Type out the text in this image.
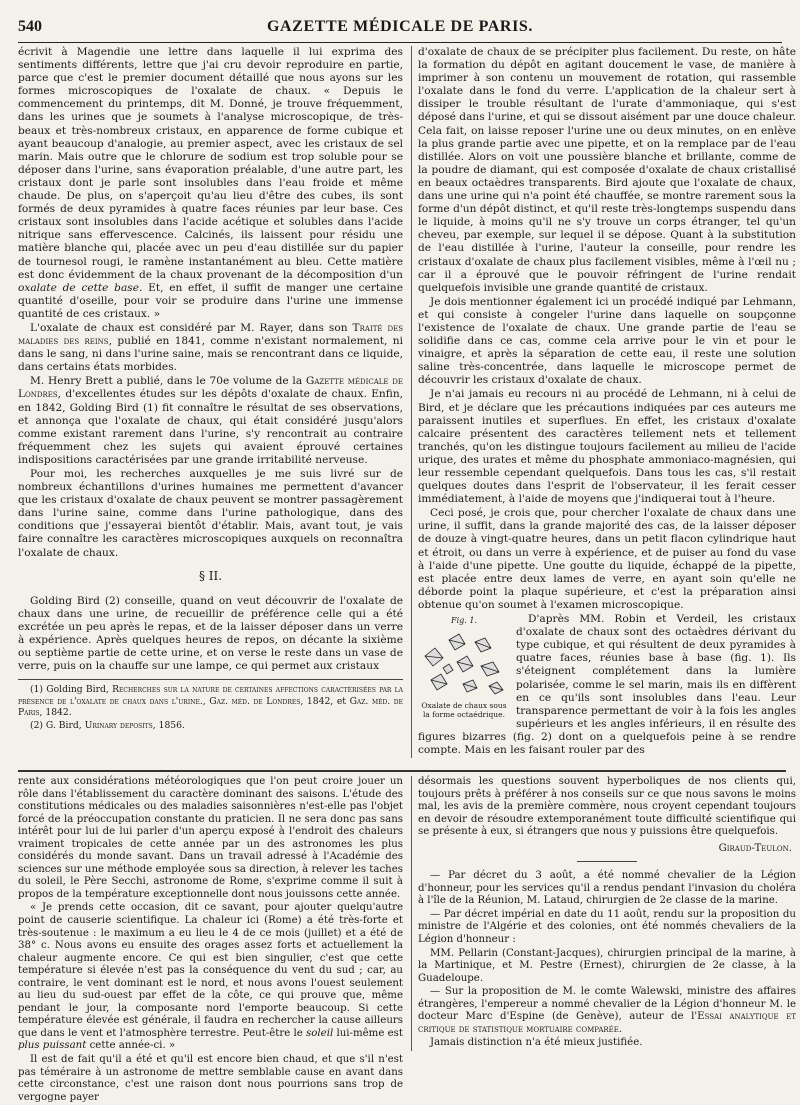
540	GAZETTE MÉDICALE DE PARIS.

écrivit à Magendie une lettre dans laquelle il lui exprima des sentiments différents, lettre que j'ai cru devoir reproduire en partie, parce que c'est le premier document détaillé que nous ayons sur les formes microscopiques de l'oxalate de chaux. « Depuis le commencement du printemps, dit M. Donné, je trouve fréquemment, dans les urines que je soumets à l'analyse microscopique, de très-beaux et très-nombreux cristaux, en apparence de forme cubique et ayant beaucoup d'analogie, au premier aspect, avec les cristaux de sel marin. Mais outre que le chlorure de sodium est trop soluble pour se déposer dans l'urine, sans évaporation préalable, d'une autre part, les cristaux dont je parle sont insolubles dans l'eau froide et même chaude. De plus, on s'aperçoit qu'au lieu d'être des cubes, ils sont formés de deux pyramides à quatre faces réunies par leur base. Ces cristaux sont insolubles dans l'acide acétique et solubles dans l'acide nitrique sans effervescence. Calcinés, ils laissent pour résidu une matière blanche qui, placée avec un peu d'eau distillée sur du papier de tournesol rougi, le ramène instantanément au bleu. Cette matière est donc évidemment de la chaux provenant de la décomposition d'un oxalate de cette base. Et, en effet, il suffit de manger une certaine quantité d'oseille, pour voir se produire dans l'urine une immense quantité de ces cristaux. »

L'oxalate de chaux est considéré par M. Rayer, dans son Traité des maladies des reins, publié en 1841, comme n'existant normalement, ni dans le sang, ni dans l'urine saine, mais se rencontrant dans ce liquide, dans certains états morbides.

M. Henry Brett a publié, dans le 70e volume de la Gazette médicale de Londres, d'excellentes études sur les dépôts d'oxalate de chaux. Enfin, en 1842, Golding Bird (1) fit connaître le résultat de ses observations, et annonça que l'oxalate de chaux, qui était considéré jusqu'alors comme existant rarement dans l'urine, s'y rencontrait au contraire fréquemment chez les sujets qui avaient éprouvé certaines indispositions caractérisées par une grande irritabilité nerveuse.

Pour moi, les recherches auxquelles je me suis livré sur de nombreux échantillons d'urines humaines me permettent d'avancer que les cristaux d'oxalate de chaux peuvent se montrer passagèrement dans l'urine saine, comme dans l'urine pathologique, dans des conditions que j'essayerai bientôt d'établir. Mais, avant tout, je vais faire connaître les caractères microscopiques auxquels on reconnaîtra l'oxalate de chaux.

§ II.

Golding Bird (2) conseille, quand on veut découvrir de l'oxalate de chaux dans une urine, de recueillir de préférence celle qui a été excrétée un peu après le repas, et de la laisser déposer dans un verre à expérience. Après quelques heures de repos, on décante la sixième ou septième partie de cette urine, et on verse le reste dans un vase de verre, puis on la chauffe sur une lampe, ce qui permet aux cristaux

(1) Golding Bird, Recherches sur la nature de certaines affections caractérisées par la présence de l'oxalate de chaux dans l'urine., Gaz. méd. de Londres, 1842, et Gaz. méd. de Paris, 1842.

(2) G. Bird, Urinary deposits, 1856.

d'oxalate de chaux de se précipiter plus facilement. Du reste, on hâte la formation du dépôt en agitant doucement le vase, de manière à imprimer à son contenu un mouvement de rotation, qui rassemble l'oxalate dans le fond du verre. L'application de la chaleur sert à dissiper le trouble résultant de l'urate d'ammoniaque, qui s'est déposé dans l'urine, et qui se dissout aisément par une douce chaleur. Cela fait, on laisse reposer l'urine une ou deux minutes, on en enlève la plus grande partie avec une pipette, et on la remplace par de l'eau distillée. Alors on voit une poussière blanche et brillante, comme de la poudre de diamant, qui est composée d'oxalate de chaux cristallisé en beaux octaèdres transparents. Bird ajoute que l'oxalate de chaux, dans une urine qui n'a point été chauffée, se montre rarement sous la forme d'un dépôt distinct, et qu'il reste très-longtemps suspendu dans le liquide, à moins qu'il ne s'y trouve un corps étranger, tel qu'un cheveu, par exemple, sur lequel il se dépose. Quant à la substitution de l'eau distillée à l'urine, l'auteur la conseille, pour rendre les cristaux d'oxalate de chaux plus facilement visibles, même à l'œil nu ; car il a éprouvé que le pouvoir réfringent de l'urine rendait quelquefois invisible une grande quantité de cristaux.

Je dois mentionner également ici un procédé indiqué par Lehmann, et qui consiste à congeler l'urine dans laquelle on soupçonne l'existence de l'oxalate de chaux. Une grande partie de l'eau se solidifie dans ce cas, comme cela arrive pour le vin et pour le vinaigre, et après la séparation de cette eau, il reste une solution saline très-concentrée, dans laquelle le microscope permet de découvrir les cristaux d'oxalate de chaux.

Je n'ai jamais eu recours ni au procédé de Lehmann, ni à celui de Bird, et je déclare que les précautions indiquées par ces auteurs me paraissent inutiles et superflues. En effet, les cristaux d'oxalate calcaire présentent des caractères tellement nets et tellement tranchés, qu'on les distingue toujours facilement au milieu de l'acide urique, des urates et même du phosphate ammoniaco-magnésien, qui leur ressemble cependant quelquefois. Dans tous les cas, s'il restait quelques doutes dans l'esprit de l'observateur, il les ferait cesser immédiatement, à l'aide de moyens que j'indiquerai tout à l'heure.

Ceci posé, je crois que, pour chercher l'oxalate de chaux dans une urine, il suffit, dans la grande majorité des cas, de la laisser déposer de douze à vingt-quatre heures, dans un petit flacon cylindrique haut et étroit, ou dans un verre à expérience, et de puiser au fond du vase à l'aide d'une pipette. Une goutte du liquide, échappé de la pipette, est placée entre deux lames de verre, en ayant soin qu'elle ne déborde point la plaque supérieure, et c'est la préparation ainsi obtenue qu'on soumet à l'examen microscopique.

Fig. 1.
Oxalate de chaux sous la forme octaédrique.

D'après MM. Robin et Verdeil, les cristaux d'oxalate de chaux sont des octaèdres dérivant du type cubique, et qui résultent de deux pyramides à quatre faces, réunies base à base (fig. 1). Ils s'éteignent complétement dans la lumière polarisée, comme le sel marin, mais ils en diffèrent en ce qu'ils sont insolubles dans l'eau. Leur transparence permettant de voir à la fois les angles supérieurs et les angles inférieurs, il en résulte des figures bizarres (fig. 2) dont on a quelquefois peine à se rendre compte. Mais en les faisant rouler par des

rente aux considérations météorologiques que l'on peut croire jouer un rôle dans l'établissement du caractère dominant des saisons. L'étude des constitutions médicales ou des maladies saisonnières n'est-elle pas l'objet forcé de la préoccupation constante du praticien. Il ne sera donc pas sans intérêt pour lui de lui parler d'un aperçu exposé à l'endroit des chaleurs vraiment tropicales de cette année par un des astronomes les plus considérés du monde savant. Dans un travail adressé à l'Académie des sciences sur une méthode employée sous sa direction, à relever les taches du soleil, le Père Secchi, astronome de Rome, s'exprime comme il suit à propos de la température exceptionnelle dont nous jouissons cette année.

« Je prends cette occasion, dit ce savant, pour ajouter quelqu'autre point de causerie scientifique. La chaleur ici (Rome) a été très-forte et très-soutenue : le maximum a eu lieu le 4 de ce mois (juillet) et a été de 38° c. Nous avons eu ensuite des orages assez forts et actuellement la chaleur augmente encore. Ce qui est bien singulier, c'est que cette température si élevée n'est pas la conséquence du vent du sud ; car, au contraire, le vent dominant est le nord, et nous avons l'ouest seulement au lieu du sud-ouest par effet de la côte, ce qui prouve que, même pendant le jour, la composante nord l'emporte beaucoup. Si cette température élevée est générale, il faudra en rechercher la cause ailleurs que dans le vent et l'atmosphère terrestre. Peut-être le soleil lui-même est plus puissant cette année-ci. »

Il est de fait qu'il a été et qu'il est encore bien chaud, et que s'il n'est pas téméraire à un astronome de mettre semblable cause en avant dans cette circonstance, c'est une raison dont nous pourrions sans trop de vergogne payer

désormais les questions souvent hyperboliques de nos clients qui, toujours prêts à préférer à nos conseils sur ce que nous savons le moins mal, les avis de la première commère, nous croyent cependant toujours en devoir de résoudre extemporanément toute difficulté scientifique qui se présente à eux, si étrangers que nous y puissions être quelquefois.

Giraud-Teulon.

— Par décret du 3 août, a été nommé chevalier de la Légion d'honneur, pour les services qu'il a rendus pendant l'invasion du choléra à l'île de la Réunion, M. Lataud, chirurgien de 2e classe de la marine.

— Par décret impérial en date du 11 août, rendu sur la proposition du ministre de l'Algérie et des colonies, ont été nommés chevaliers de la Légion d'honneur :

MM. Pellarin (Constant-Jacques), chirurgien principal de la marine, à la Martinique, et M. Pestre (Ernest), chirurgien de 2e classe, à la Guadeloupe.

— Sur la proposition de M. le comte Walewski, ministre des affaires étrangères, l'empereur a nommé chevalier de la Légion d'honneur M. le docteur Marc d'Espine (de Genève), auteur de l'Essai analytique et critique de statistique mortuaire comparée.

Jamais distinction n'a été mieux justifiée.
